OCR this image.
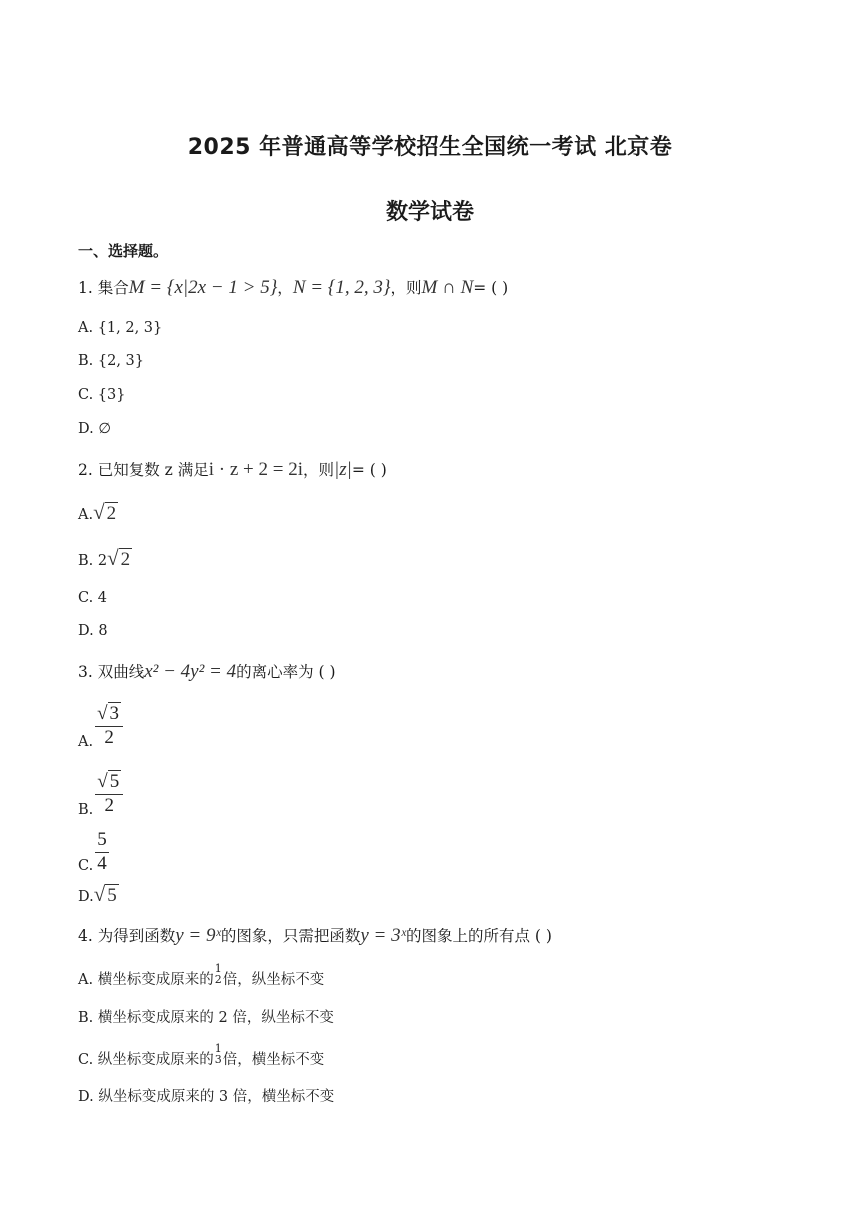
2025 年普通高等学校招生全国统一考试 北京卷
数学试卷
一、选择题。
1. 集合M = {x|2x − 1 > 5}，N = {1, 2, 3}，则M ∩ N= ( )
A. {1, 2, 3}
B. {2, 3}
C. {3}
D. ∅
2. 已知复数 z 满足i · z + 2 = 2i，则|z|= ( )
A.√ 2
B. 2√ 2
C. 4
D. 8
3. 双曲线x² − 4y² = 4的离心率为 ( )
A. $\frac{√ 3}{2}$
B. $\frac{√ 5}{2}$
C. $\frac{5}{4}$
D.√ 5
4. 为得到函数y = 9ˣ的图象，只需把函数y = 3ˣ的图象上的所有点 ( )
A. 横坐标变成原来的
1
2 倍，纵坐标不变
B. 横坐标变成原来的 2 倍，纵坐标不变
C. 纵坐标变成原来的
1
3 倍，横坐标不变
D. 纵坐标变成原来的 3 倍，横坐标不变
